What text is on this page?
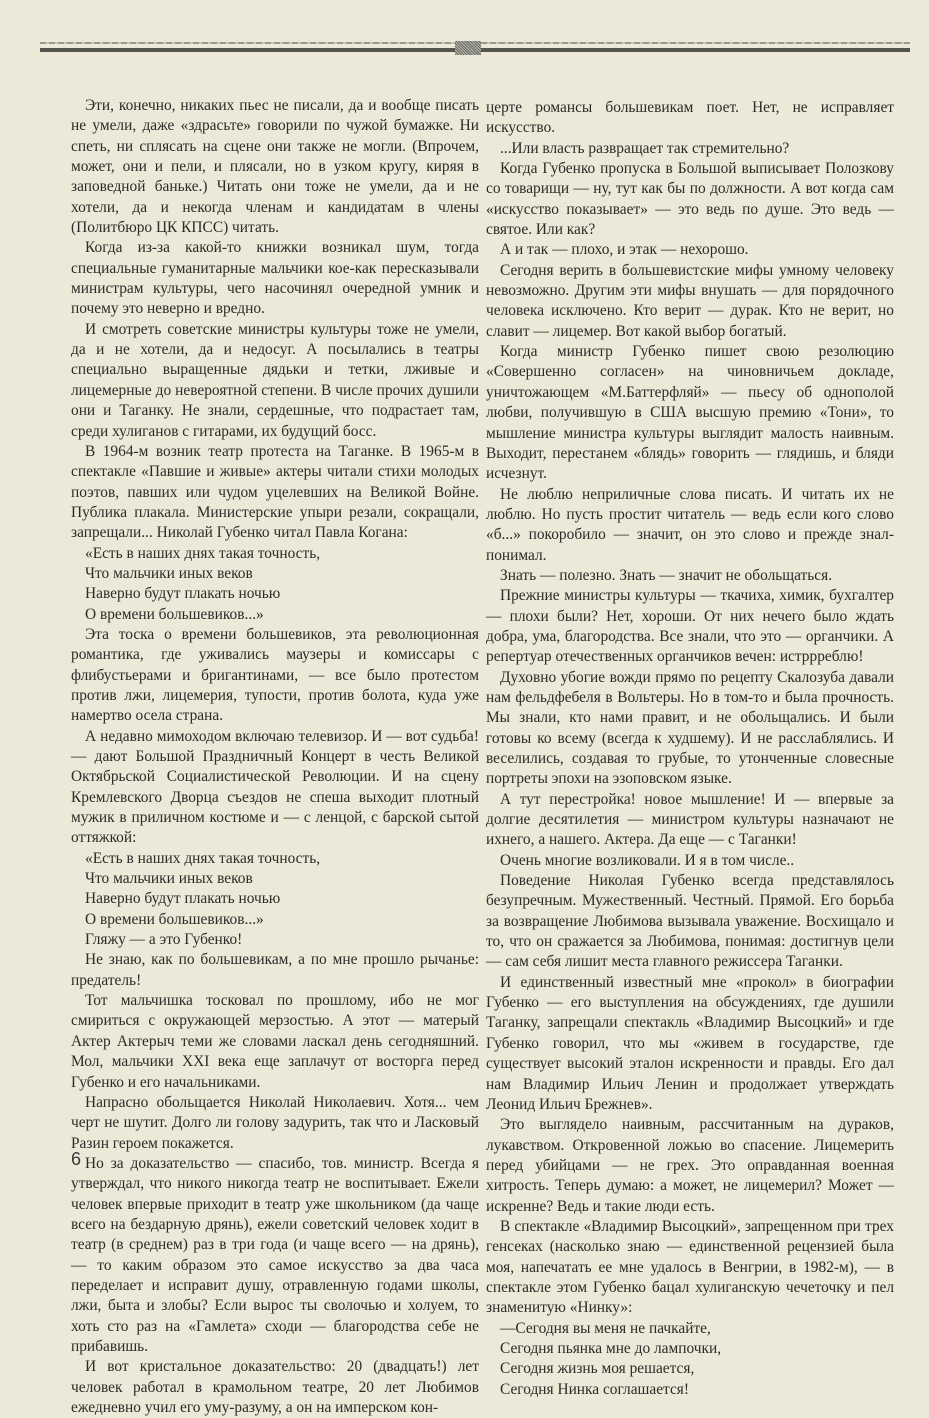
Эти, конечно, никаких пьес не писали, да и вообще писать не умели, даже «здрасьте» говорили по чужой бумажке. Ни спеть, ни сплясать на сцене они также не могли. (Впрочем, может, они и пели, и плясали, но в узком кругу, киряя в заповедной баньке.) Читать они тоже не умели, да и не хотели, да и некогда членам и кандидатам в члены (Политбюро ЦК КПСС) читать.

Когда из-за какой-то книжки возникал шум, тогда специальные гуманитарные мальчики кое-как пересказывали министрам культуры, чего насочинял очередной умник и почему это неверно и вредно.

И смотреть советские министры культуры тоже не умели, да и не хотели, да и недосуг. А посылались в театры специально выращенные дядьки и тетки, лживые и лицемерные до невероятной степени. В числе прочих душили они и Таганку. Не знали, сердешные, что подрастает там, среди хулиганов с гитарами, их будущий босс.

В 1964-м возник театр протеста на Таганке. В 1965-м в спектакле «Павшие и живые» актеры читали стихи молодых поэтов, павших или чудом уцелевших на Великой Войне. Публика плакала. Министерские упыри резали, сокращали, запрещали... Николай Губенко читал Павла Когана:

«Есть в наших днях такая точность,
Что мальчики иных веков
Наверно будут плакать ночью
О времени большевиков...»

Эта тоска о времени большевиков, эта революционная романтика, где уживались маузеры и комиссары с флибустьерами и бригантинами, — все было протестом против лжи, лицемерия, тупости, против болота, куда уже намертво осела страна.

А недавно мимоходом включаю телевизор. И — вот судьба! — дают Большой Праздничный Концерт в честь Великой Октябрьской Социалистической Революции. И на сцену Кремлевского Дворца съездов не спеша выходит плотный мужик в приличном костюме и — с ленцой, с барской сытой оттяжкой:

«Есть в наших днях такая точность,
Что мальчики иных веков
Наверно будут плакать ночью
О времени большевиков...»
Гляжу — а это Губенко!

Не знаю, как по большевикам, а по мне прошло рычанье: предатель!

Тот мальчишка тосковал по прошлому, ибо не мог смириться с окружающей мерзостью. А этот — матерый Актер Актерыч теми же словами ласкал день сегодняшний. Мол, мальчики XXI века еще заплачут от восторга перед Губенко и его начальниками.

Напрасно обольщается Николай Николаевич. Хотя... чем черт не шутит. Долго ли голову задурить, так что и Ласковый Разин героем покажется.

Но за доказательство — спасибо, тов. министр. Всегда я утверждал, что никого никогда театр не воспитывает. Ежели человек впервые приходит в театр уже школьником (да чаще всего на бездарную дрянь), ежели советский человек ходит в театр (в среднем) раз в три года (и чаще всего — на дрянь), — то каким образом это самое искусство за два часа переделает и исправит душу, отравленную годами школы, лжи, быта и злобы? Если вырос ты сволочью и холуем, то хоть сто раз на «Гамлета» сходи — благородства себе не прибавишь.

И вот кристальное доказательство: 20 (двадцать!) лет человек работал в крамольном театре, 20 лет Любимов ежедневно учил его уму-разуму, а он на имперском кон-

церте романсы большевикам поет. Нет, не исправляет искусство.

...Или власть развращает так стремительно?

Когда Губенко пропуска в Большой выписывает Полозкову со товарищи — ну, тут как бы по должности. А вот когда сам «искусство показывает» — это ведь по душе. Это ведь — святое. Или как?

А и так — плохо, и этак — нехорошо.

Сегодня верить в большевистские мифы умному человеку невозможно. Другим эти мифы внушать — для порядочного человека исключено. Кто верит — дурак. Кто не верит, но славит — лицемер. Вот какой выбор богатый.

Когда министр Губенко пишет свою резолюцию «Совершенно согласен» на чиновничьем докладе, уничтожающем «М.Баттерфляй» — пьесу об однополой любви, получившую в США высшую премию «Тони», то мышление министра культуры выглядит малость наивным. Выходит, перестанем «блядь» говорить — глядишь, и бляди исчезнут.

Не люблю неприличные слова писать. И читать их не люблю. Но пусть простит читатель — ведь если кого слово «б...» покоробило — значит, он это слово и прежде знал-понимал.

Знать — полезно. Знать — значит не обольщаться.

Прежние министры культуры — ткачиха, химик, бухгалтер — плохи были? Нет, хороши. От них нечего было ждать добра, ума, благородства. Все знали, что это — органчики. А репертуар отечественных органчиков вечен: истррреблю!

Духовно убогие вожди прямо по рецепту Скалозуба давали нам фельдфебеля в Вольтеры. Но в том-то и была прочность. Мы знали, кто нами правит, и не обольщались. И были готовы ко всему (всегда к худшему). И не расслаблялись. И веселились, создавая то грубые, то утонченные словесные портреты эпохи на эзоповском языке.

А тут перестройка! новое мышление! И — впервые за долгие десятилетия — министром культуры назначают не ихнего, а нашего. Актера. Да еще — с Таганки!

Очень многие возликовали. И я в том числе..

Поведение Николая Губенко всегда представлялось безупречным. Мужественный. Честный. Прямой. Его борьба за возвращение Любимова вызывала уважение. Восхищало и то, что он сражается за Любимова, понимая: достигнув цели — сам себя лишит места главного режиссера Таганки.

И единственный известный мне «прокол» в биографии Губенко — его выступления на обсуждениях, где душили Таганку, запрещали спектакль «Владимир Высоцкий» и где Губенко говорил, что мы «живем в государстве, где существует высокий эталон искренности и правды. Его дал нам Владимир Ильич Ленин и продолжает утверждать Леонид Ильич Брежнев».

Это выглядело наивным, рассчитанным на дураков, лукавством. Откровенной ложью во спасение. Лицемерить перед убийцами — не грех. Это оправданная военная хитрость. Теперь думаю: а может, не лицемерил? Может — искренне? Ведь и такие люди есть.

В спектакле «Владимир Высоцкий», запрещенном при трех генсеках (насколько знаю — единственной рецензией была моя, напечатать ее мне удалось в Венгрии, в 1982-м), — в спектакле этом Губенко бацал хулиганскую чечеточку и пел знаменитую «Нинку»:

—Сегодня вы меня не пачкайте,
Сегодня пьянка мне до лампочки,
Сегодня жизнь моя решается,
Сегодня Нинка соглашается!
6
